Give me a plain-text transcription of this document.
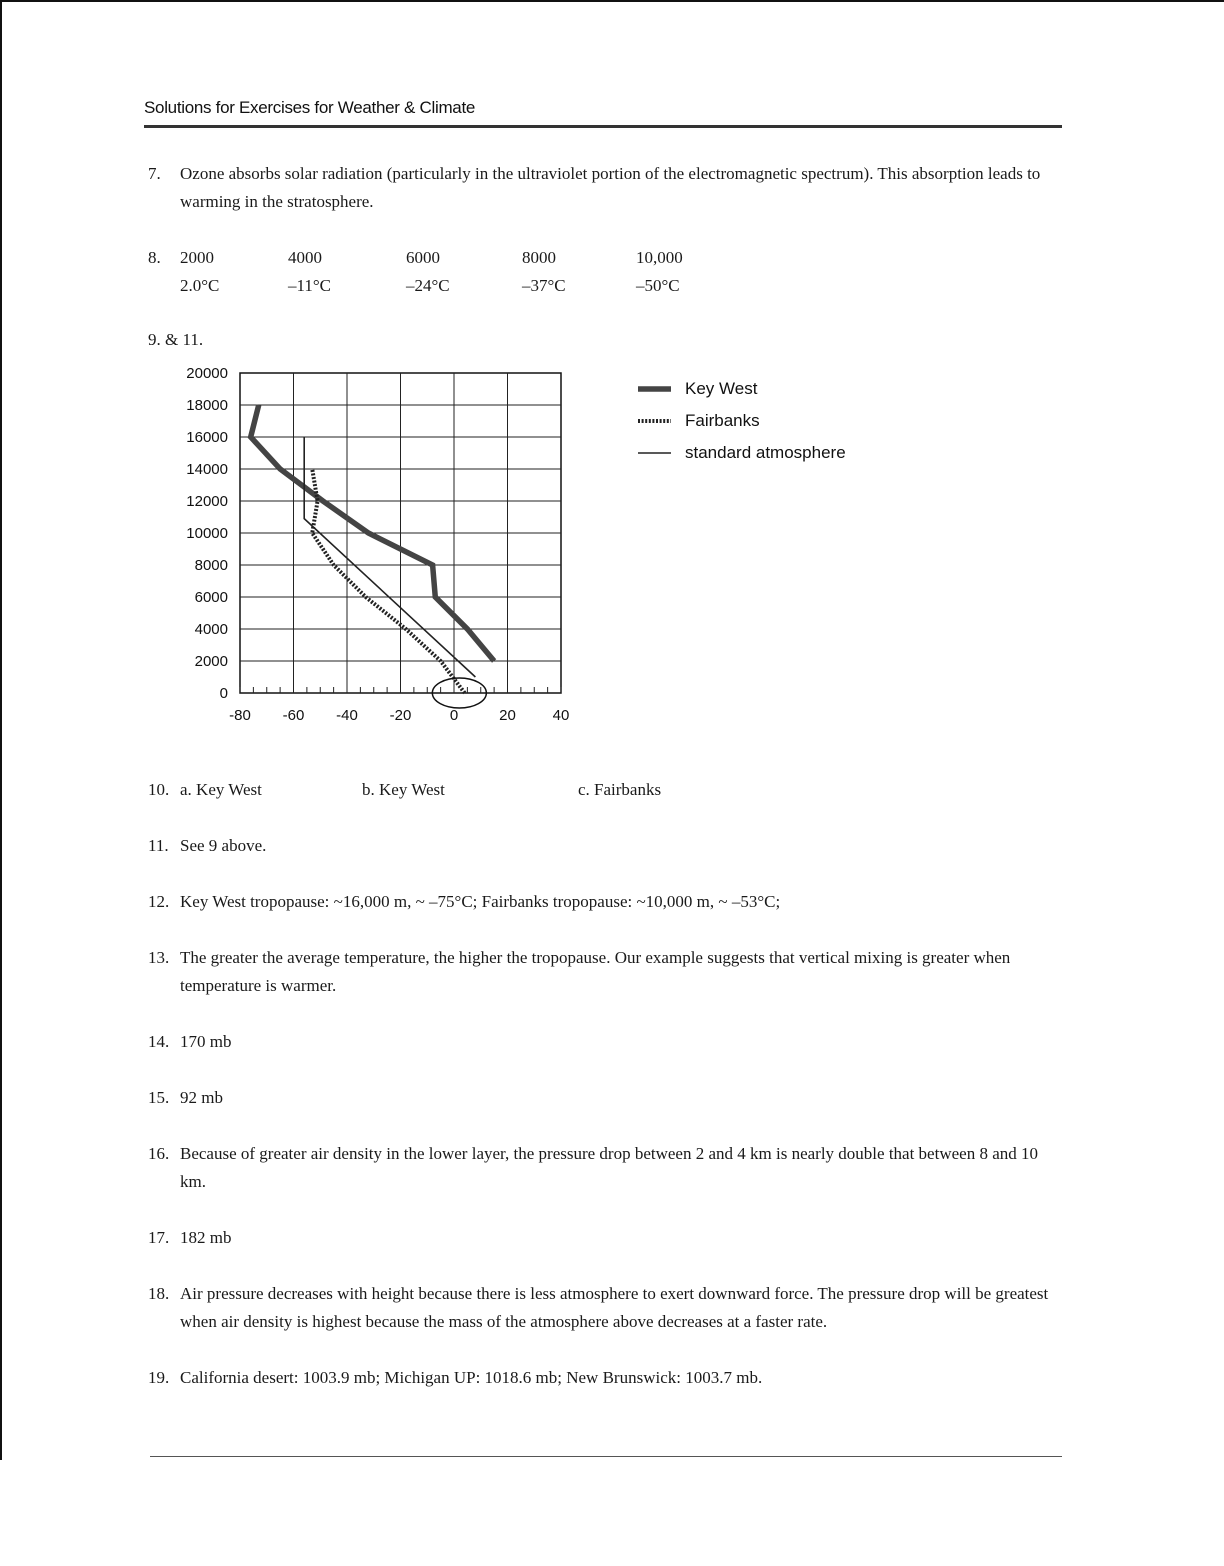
Solutions for Exercises for Weather & Climate
7. Ozone absorbs solar radiation (particularly in the ultraviolet portion of the electromagnetic spectrum). This absorption leads to warming in the stratosphere.
8. 2000	4000	6000	8000	10,000
2.0°C	–11°C	–24°C	–37°C	–50°C
9. & 11.
-80 -60 -40 -20	0	20 40
0
2000
4000
6000
8000
10000
12000
14000
16000
18000
20000
Key West
Fairbanks
standard atmosphere
10. a. Key West	b. Key West	c. Fairbanks
11. See 9 above.
12. Key West tropopause: ~16,000 m, ~ –75°C; Fairbanks tropopause: ~10,000 m, ~ –53°C;
13. The greater the average temperature, the higher the tropopause. Our example suggests that vertical mixing is greater when temperature is warmer.
14. 170 mb
15. 92 mb
16. Because of greater air density in the lower layer, the pressure drop between 2 and 4 km is nearly double that between 8 and 10 km.
17. 182 mb
18. Air pressure decreases with height because there is less atmosphere to exert downward force. The pressure drop will be greatest when air density is highest because the mass of the atmosphere above decreases at a faster rate.
19. California desert: 1003.9 mb; Michigan UP: 1018.6 mb; New Brunswick: 1003.7 mb.
